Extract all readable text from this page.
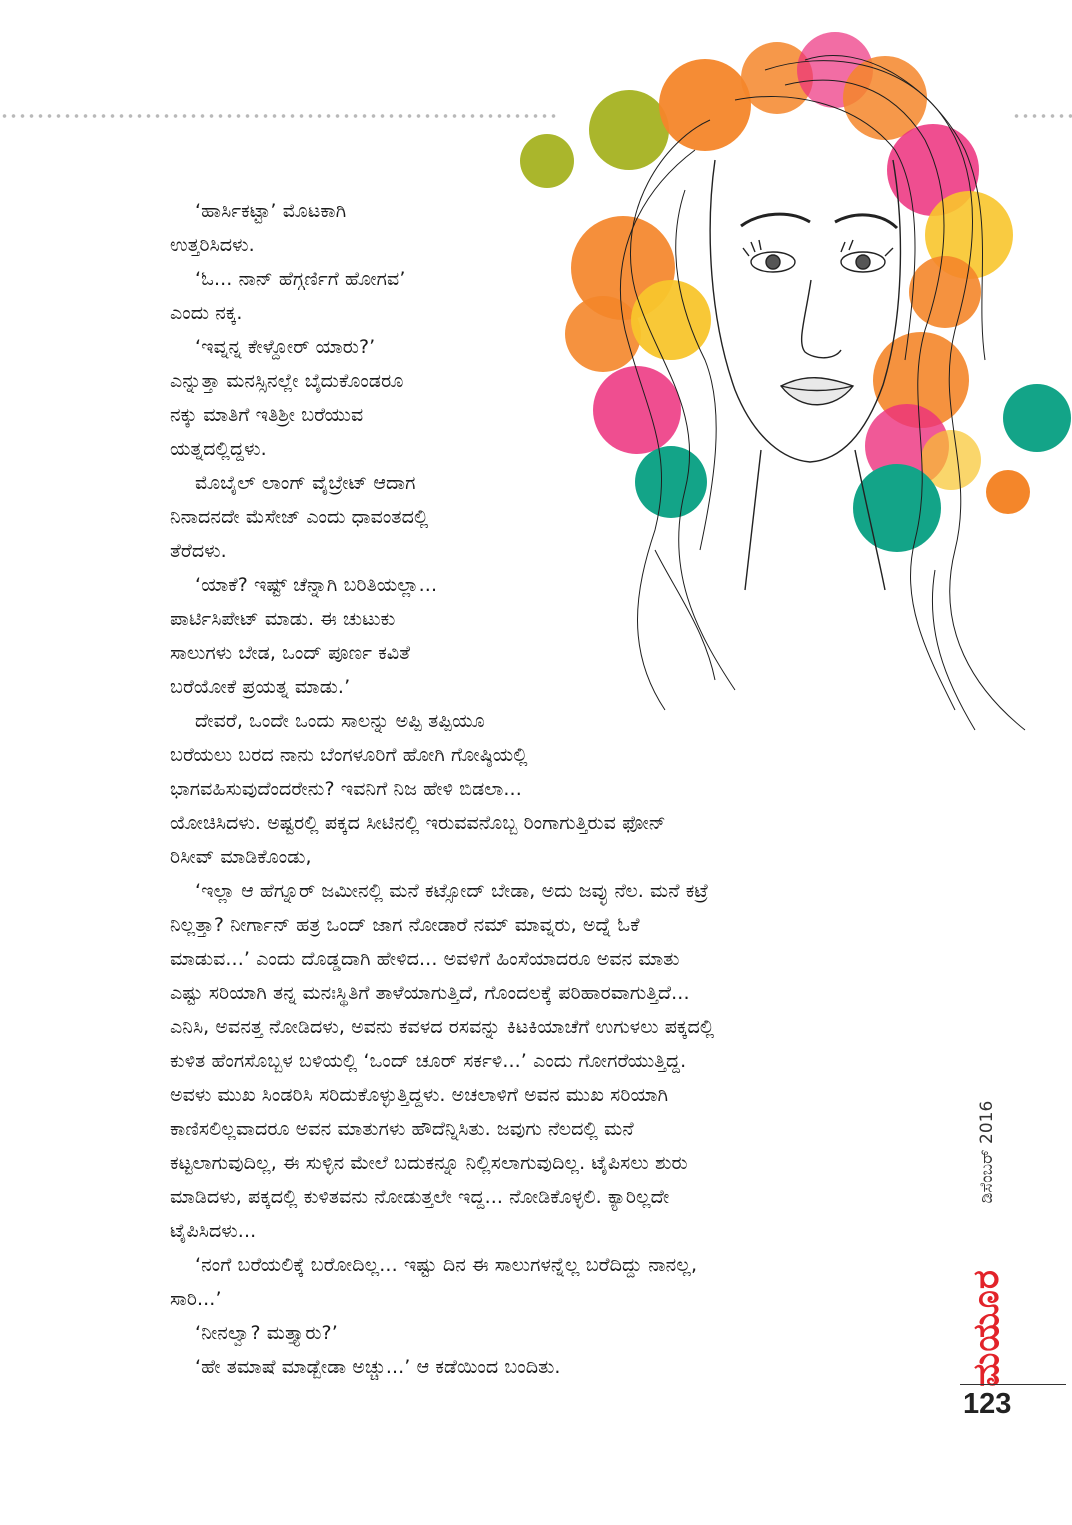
‘ಹಾರ್ಸಿಕಟ್ಟಾ’ ಮೊಟಕಾಗಿ

ಉತ್ತರಿಸಿದಳು.

‘ಓ... ನಾನ್ ಹೆಗ್ಗರ್ಣಿಗೆ ಹೋಗವ’

ಎಂದು ನಕ್ಕ.

‘ಇವ್ನನ್ನ ಕೇಳ್ದೋರ್ ಯಾರು?’

ಎನ್ನುತ್ತಾ ಮನಸ್ಸಿನಲ್ಲೇ ಬೈದುಕೊಂಡರೂ

ನಕ್ಕು ಮಾತಿಗೆ ಇತಿಶ್ರೀ ಬರೆಯುವ

ಯತ್ನದಲ್ಲಿದ್ದಳು.

ಮೊಬೈಲ್ ಲಾಂಗ್ ವೈಬ್ರೇಟ್ ಆದಾಗ

ನಿನಾದನದೇ ಮೆಸೇಜ್ ಎಂದು ಧಾವಂತದಲ್ಲಿ

ತೆರೆದಳು.

‘ಯಾಕೆ? ಇಷ್ಟ್ ಚೆನ್ನಾಗಿ ಬರಿತಿಯಲ್ಲಾ...

ಪಾರ್ಟಿಸಿಪೇಟ್ ಮಾಡು. ಈ ಚುಟುಕು

ಸಾಲುಗಳು ಬೇಡ, ಒಂದ್ ಪೂರ್ಣ ಕವಿತೆ

ಬರೆಯೋಕೆ ಪ್ರಯತ್ನ ಮಾಡು.’

ದೇವರೆ, ಒಂದೇ ಒಂದು ಸಾಲನ್ನು ಅಪ್ಪಿ ತಪ್ಪಿಯೂ

ಬರೆಯಲು ಬರದ ನಾನು ಬೆಂಗಳೂರಿಗೆ ಹೋಗಿ ಗೋಷ್ಠಿಯಲ್ಲಿ

ಭಾಗವಹಿಸುವುದೆಂದರೇನು? ಇವನಿಗೆ ನಿಜ ಹೇಳಿ ಬಿಡಲಾ...

ಯೋಚಿಸಿದಳು. ಅಷ್ಟರಲ್ಲಿ ಪಕ್ಕದ ಸೀಟಿನಲ್ಲಿ ಇರುವವನೊಬ್ಬ ರಿಂಗಾಗುತ್ತಿರುವ ಫೋನ್

ರಿಸೀವ್ ಮಾಡಿಕೊಂಡು,

‘ಇಲ್ಲಾ ಆ ಹೆಗ್ನೂರ್ ಜಮೀನಲ್ಲಿ ಮನೆ ಕಟ್ಸೋದ್ ಬೇಡಾ, ಅದು ಜವ್ಳು ನೆಲ. ಮನೆ ಕಟ್ರೆ

ನಿಲ್ಲತ್ತಾ? ನೀರ್ಗಾನ್ ಹತ್ರ ಒಂದ್ ಜಾಗ ನೋಡಾರೆ ನಮ್ ಮಾವ್ನರು, ಅದ್ನೆ ಓಕೆ

ಮಾಡುವ...’ ಎಂದು ದೊಡ್ಡದಾಗಿ ಹೇಳಿದ... ಅವಳಿಗೆ ಹಿಂಸೆಯಾದರೂ ಅವನ ಮಾತು

ಎಷ್ಟು ಸರಿಯಾಗಿ ತನ್ನ ಮನಃಸ್ಥಿತಿಗೆ ತಾಳೆಯಾಗುತ್ತಿದೆ, ಗೊಂದಲಕ್ಕೆ ಪರಿಹಾರವಾಗುತ್ತಿದೆ...

ಎನಿಸಿ, ಅವನತ್ತ ನೋಡಿದಳು, ಅವನು ಕವಳದ ರಸವನ್ನು ಕಿಟಕಿಯಾಚೆಗೆ ಉಗುಳಲು ಪಕ್ಕದಲ್ಲಿ

ಕುಳಿತ ಹೆಂಗಸೊಬ್ಬಳ ಬಳಿಯಲ್ಲಿ ‘ಒಂದ್ ಚೂರ್ ಸರ್ಕಳಿ...’ ಎಂದು ಗೋಗರೆಯುತ್ತಿದ್ದ.

ಅವಳು ಮುಖ ಸಿಂಡರಿಸಿ ಸರಿದುಕೊಳ್ಳುತ್ತಿದ್ದಳು. ಅಚಲಾಳಿಗೆ ಅವನ ಮುಖ ಸರಿಯಾಗಿ

ಕಾಣಿಸಲಿಲ್ಲವಾದರೂ ಅವನ ಮಾತುಗಳು ಹೌದೆನ್ನಿಸಿತು. ಜವುಗು ನೆಲದಲ್ಲಿ ಮನೆ

ಕಟ್ಟಲಾಗುವುದಿಲ್ಲ, ಈ ಸುಳ್ಳಿನ ಮೇಲೆ ಬದುಕನ್ನೂ ನಿಲ್ಲಿಸಲಾಗುವುದಿಲ್ಲ. ಟೈಪಿಸಲು ಶುರು

ಮಾಡಿದಳು, ಪಕ್ಕದಲ್ಲಿ ಕುಳಿತವನು ನೋಡುತ್ತಲೇ ಇದ್ದ... ನೋಡಿಕೊಳ್ಳಲಿ. ಕ್ಯಾರಿಲ್ಲದೇ

ಟೈಪಿಸಿದಳು...

‘ನಂಗೆ ಬರೆಯಲಿಕ್ಕೆ ಬರೋದಿಲ್ಲ... ಇಷ್ಟು ದಿನ ಈ ಸಾಲುಗಳನ್ನೆಲ್ಲ ಬರೆದಿದ್ದು ನಾನಲ್ಲ,

ಸಾರಿ...’

‘ನೀನಲ್ವಾ? ಮತ್ತ್ಯಾರು?’

‘ಹೇ ತಮಾಷೆ ಮಾಡ್ಬೇಡಾ ಅಚ್ಚು...’ ಆ ಕಡೆಯಿಂದ ಬಂದಿತು.

ಡಿಸೆಂಬರ್ 2016
ಮಯೂರ
123
